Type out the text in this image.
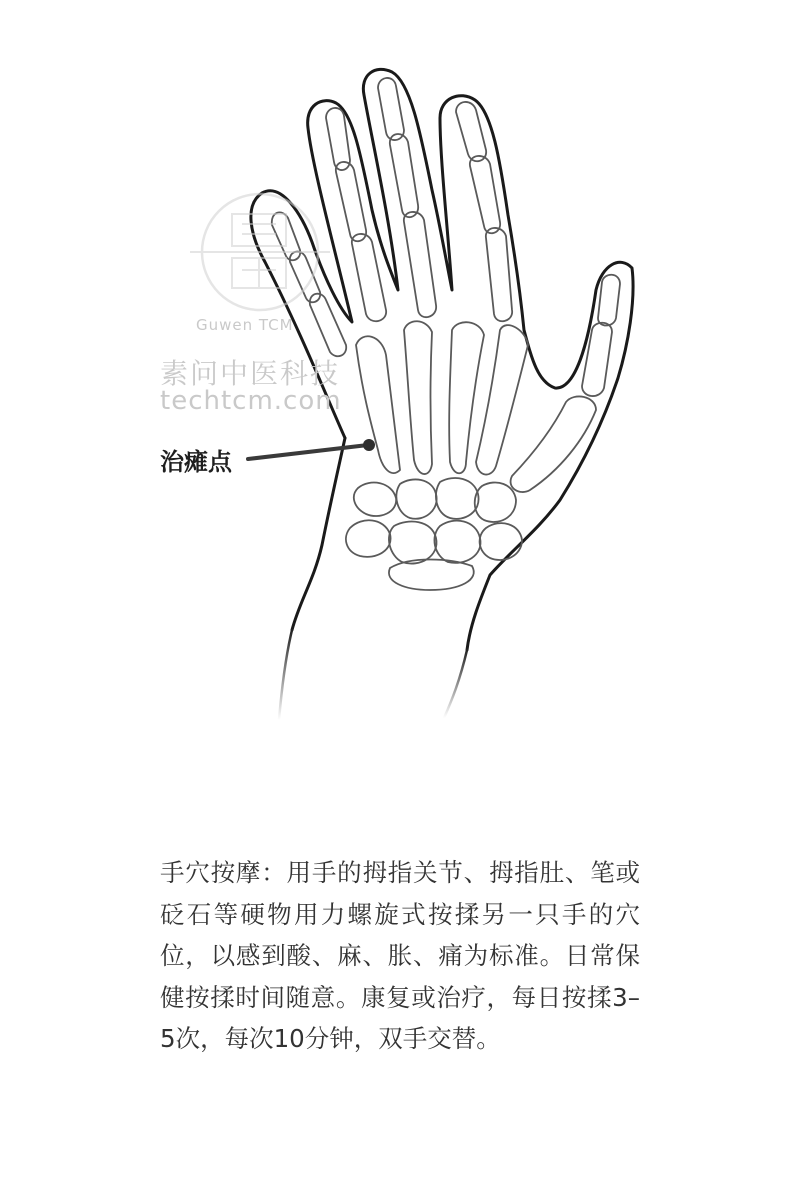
Guwen TCM
素问中医科技
techtcm.com
治瘫点
手穴按摩：用手的拇指关节、拇指肚、笔或砭石等硬物用力螺旋式按揉另一只手的穴位，以感到酸、麻、胀、痛为标准。日常保健按揉时间随意。康复或治疗，每日按揉3–5次，每次10分钟，双手交替。
